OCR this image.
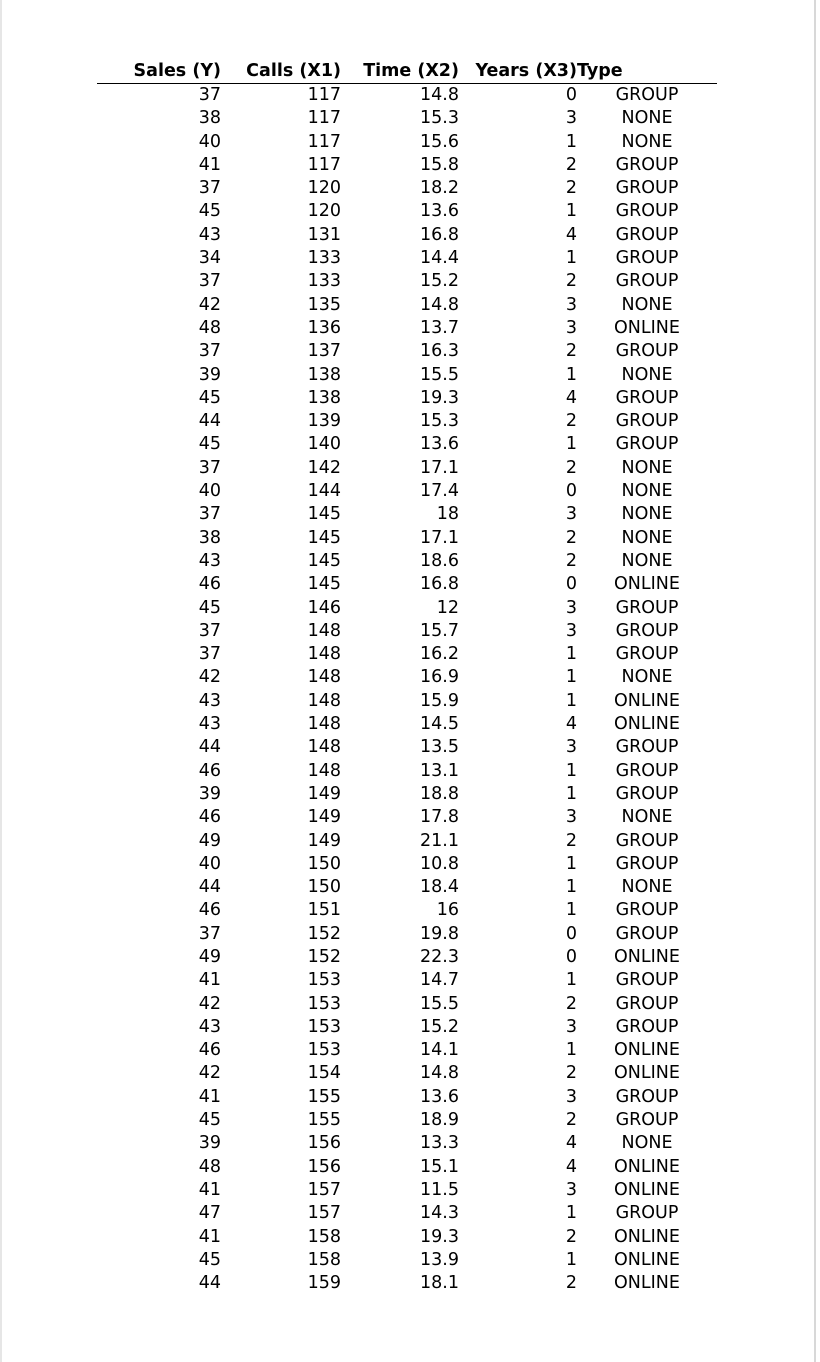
Sales (Y)	Calls (X1)	Time (X2)	Years (X3)	Type
37	117	14.8	0	GROUP
38	117	15.3	3	NONE
40	117	15.6	1	NONE
41	117	15.8	2	GROUP
37	120	18.2	2	GROUP
45	120	13.6	1	GROUP
43	131	16.8	4	GROUP
34	133	14.4	1	GROUP
37	133	15.2	2	GROUP
42	135	14.8	3	NONE
48	136	13.7	3	ONLINE
37	137	16.3	2	GROUP
39	138	15.5	1	NONE
45	138	19.3	4	GROUP
44	139	15.3	2	GROUP
45	140	13.6	1	GROUP
37	142	17.1	2	NONE
40	144	17.4	0	NONE
37	145	18	3	NONE
38	145	17.1	2	NONE
43	145	18.6	2	NONE
46	145	16.8	0	ONLINE
45	146	12	3	GROUP
37	148	15.7	3	GROUP
37	148	16.2	1	GROUP
42	148	16.9	1	NONE
43	148	15.9	1	ONLINE
43	148	14.5	4	ONLINE
44	148	13.5	3	GROUP
46	148	13.1	1	GROUP
39	149	18.8	1	GROUP
46	149	17.8	3	NONE
49	149	21.1	2	GROUP
40	150	10.8	1	GROUP
44	150	18.4	1	NONE
46	151	16	1	GROUP
37	152	19.8	0	GROUP
49	152	22.3	0	ONLINE
41	153	14.7	1	GROUP
42	153	15.5	2	GROUP
43	153	15.2	3	GROUP
46	153	14.1	1	ONLINE
42	154	14.8	2	ONLINE
41	155	13.6	3	GROUP
45	155	18.9	2	GROUP
39	156	13.3	4	NONE
48	156	15.1	4	ONLINE
41	157	11.5	3	ONLINE
47	157	14.3	1	GROUP
41	158	19.3	2	ONLINE
45	158	13.9	1	ONLINE
44	159	18.1	2	ONLINE
